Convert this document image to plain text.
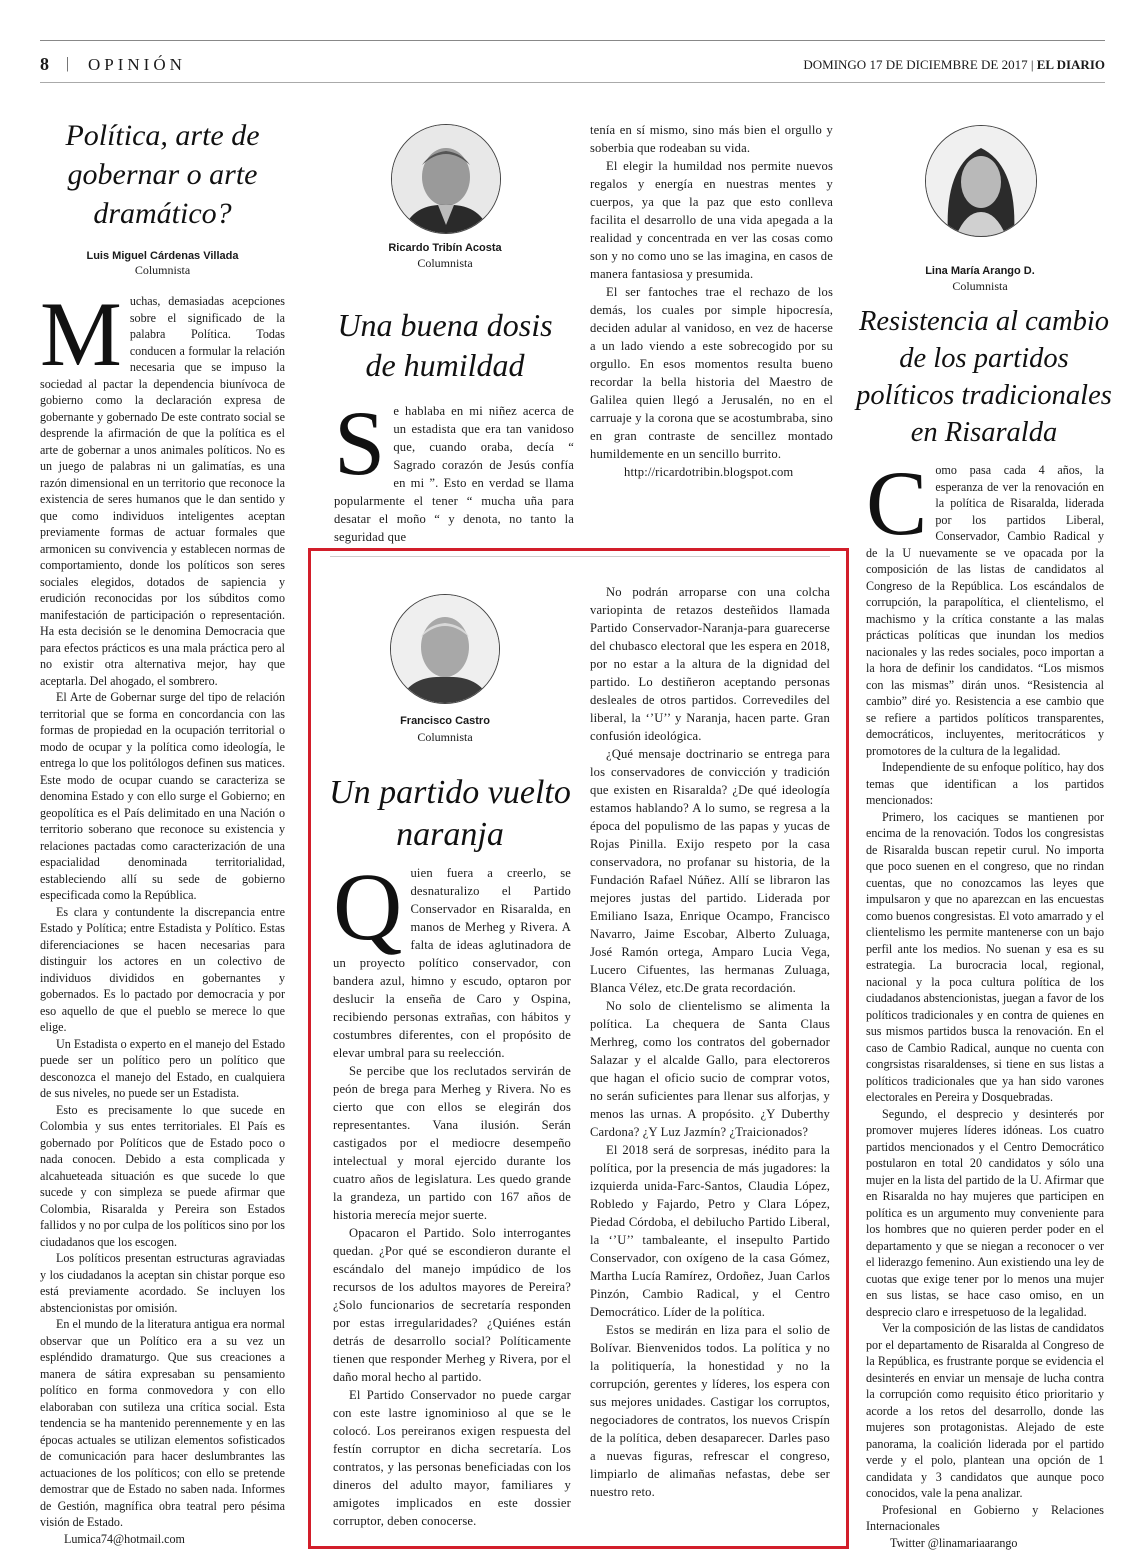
8 | OPINIÓN	DOMINGO 17 DE DICIEMBRE DE 2017 | EL DIARIO
Política, arte de gobernar o arte dramático?
Luis Miguel Cárdenas Villada
Columnista
M uchas, demasiadas acepciones sobre el significado de la palabra Política. Todas conducen a formular la relación necesaria que se impuso la sociedad al pactar la dependencia biunívoca de gobierno como la declaración expresa de gobernante y gobernado De este contrato social se desprende la afirmación de que la política es el arte de gobernar a unos animales políticos. No es un juego de palabras ni un galimatías, es una razón dimensional en un territorio que reconoce la existencia de seres humanos que le dan sentido y que como individuos inteligentes aceptan previamente formas de actuar formales que armonicen su convivencia y establecen normas de comportamiento, donde los políticos son seres sociales elegidos, dotados de sapiencia y erudición reconocidas por los súbditos como manifestación de participación o representación. Ha esta decisión se le denomina Democracia que para efectos prácticos es una mala práctica pero al no existir otra alternativa mejor, hay que aceptarla. Del ahogado, el sombrero.

El Arte de Gobernar surge del tipo de relación territorial que se forma en concordancia con las formas de propiedad en la ocupación territorial o modo de ocupar y la política como ideología, le entrega lo que los politólogos definen sus matices. Este modo de ocupar cuando se caracteriza se denomina Estado y con ello surge el Gobierno; en geopolítica es el País delimitado en una Nación o territorio soberano que reconoce su existencia y relaciones pactadas como caracterización de una espacialidad denominada territorialidad, estableciendo allí su sede de gobierno especificada como la República.

Es clara y contundente la discrepancia entre Estado y Política; entre Estadista y Político. Estas diferenciaciones se hacen necesarias para distinguir los actores en un colectivo de individuos divididos en gobernantes y gobernados. Es lo pactado por democracia y por eso aquello de que el pueblo se merece lo que elige.

Un Estadista o experto en el manejo del Estado puede ser un político pero un político que desconozca el manejo del Estado, en cualquiera de sus niveles, no puede ser un Estadista.

Esto es precisamente lo que sucede en Colombia y sus entes territoriales. El País es gobernado por Políticos que de Estado poco o nada conocen. Debido a esta complicada y alcahueteada situación es que sucede lo que sucede y con simpleza se puede afirmar que Colombia, Risaralda y Pereira son Estados fallidos y no por culpa de los políticos sino por los ciudadanos que los escogen.

Los políticos presentan estructuras agraviadas y los ciudadanos la aceptan sin chistar porque eso está previamente acordado. Se incluyen los abstencionistas por omisión.

En el mundo de la literatura antigua era normal observar que un Político era a su vez un espléndido dramaturgo. Que sus creaciones a manera de sátira expresaban su pensamiento político en forma conmovedora y con ello elaboraban con sutileza una crítica social. Esta tendencia se ha mantenido perennemente y en las épocas actuales se utilizan elementos sofisticados de comunicación para hacer deslumbrantes las actuaciones de los políticos; con ello se pretende demostrar que de Estado no saben nada. Informes de Gestión, magnífica obra teatral pero pésima visión de Estado.

Lumica74@hotmail.com

Ricardo Tribín Acosta
Columnista
Una buena dosis de humildad
S e hablaba en mi niñez acerca de un estadista que era tan vanidoso que, cuando oraba, decía “ Sagrado corazón de Jesús confía en mi ”. Esto en verdad se llama popularmente el tener “ mucha uña para desatar el moño “ y denota, no tanto la seguridad que

tenía en sí mismo, sino más bien el orgullo y soberbia que rodeaban su vida.

El elegir la humildad nos permite nuevos regalos y energía en nuestras mentes y cuerpos, ya que la paz que esto conlleva facilita el desarrollo de una vida apegada a la realidad y concentrada en ver las cosas como son y no como uno se las imagina, en casos de manera fantasiosa y presumida.

El ser fantoches trae el rechazo de los demás, los cuales por simple hipocresía, deciden adular al vanidoso, en vez de hacerse a un lado viendo a este sobrecogido por su orgullo. En esos momentos resulta bueno recordar la bella historia del Maestro de Galilea quien llegó a Jerusalén, no en el carruaje y la corona que se acostumbraba, sino en gran contraste de sencillez montado humildemente en un sencillo burrito.

http://ricardotribin.blogspot.com

Lina María Arango D.
Columnista
Resistencia al cambio de los partidos políticos tradicionales en Risaralda
C omo pasa cada 4 años, la esperanza de ver la renovación en la política de Risaralda, liderada por los partidos Liberal, Conservador, Cambio Radical y de la U nuevamente se ve opacada por la composición de las listas de candidatos al Congreso de la República. Los escándalos de corrupción, la parapolítica, el clientelismo, el machismo y la crítica constante a las malas prácticas políticas que inundan los medios nacionales y las redes sociales, poco importan a la hora de definir los candidatos. “Los mismos con las mismas” dirán unos. “Resistencia al cambio” diré yo. Resistencia a ese cambio que se refiere a partidos políticos transparentes, democráticos, incluyentes, meritocráticos y promotores de la cultura de la legalidad.

Independiente de su enfoque político, hay dos temas que identifican a los partidos mencionados:

Primero, los caciques se mantienen por encima de la renovación. Todos los congresistas de Risaralda buscan repetir curul. No importa que poco suenen en el congreso, que no rindan cuentas, que no conozcamos las leyes que impulsaron y que no aparezcan en las encuestas como buenos congresistas. El voto amarrado y el clientelismo les permite mantenerse con un bajo perfil ante los medios. No suenan y esa es su estrategia. La burocracia local, regional, nacional y la poca cultura política de los ciudadanos abstencionistas, juegan a favor de los políticos tradicionales y en contra de quienes en sus mismos partidos busca la renovación. En el caso de Cambio Radical, aunque no cuenta con congrsistas risaraldenses, si tiene en sus listas a políticos tradicionales que ya han sido varones electorales en Pereira y Dosquebradas.

Segundo, el desprecio y desinterés por promover mujeres líderes idóneas. Los cuatro partidos mencionados y el Centro Democrático postularon en total 20 candidatos y sólo una mujer en la lista del partido de la U. Afirmar que en Risaralda no hay mujeres que participen en política es un argumento muy conveniente para los hombres que no quieren perder poder en el departamento y que se niegan a reconocer o ver el liderazgo femenino. Aun existiendo una ley de cuotas que exige tener por lo menos una mujer en sus listas, se hace caso omiso, en un desprecio claro e irrespetuoso de la legalidad.

Ver la composición de las listas de candidatos por el departamento de Risaralda al Congreso de la República, es frustrante porque se evidencia el desinterés en enviar un mensaje de lucha contra la corrupción como requisito ético prioritario y acorde a los retos del desarrollo, donde las mujeres son protagonistas. Alejado de este panorama, la coalición liderada por el partido verde y el polo, plantean una opción de 1 candidata y 3 candidatos que aunque poco conocidos, vale la pena analizar.

Profesional en Gobierno y Relaciones Internacionales

Twitter @linamariaarango

Francisco Castro
Columnista
Un partido vuelto naranja
Q uien fuera a creerlo, se desnaturalizo el Partido Conservador en Risaralda, en manos de Merheg y Rivera. A falta de ideas aglutinadora de un proyecto político conservador, con bandera azul, himno y escudo, optaron por deslucir la enseña de Caro y Ospina, recibiendo personas extrañas, con hábitos y costumbres diferentes, con el propósito de elevar umbral para su reelección.

Se percibe que los reclutados servirán de peón de brega para Merheg y Rivera. No es cierto que con ellos se elegirán dos representantes. Vana ilusión. Serán castigados por el mediocre desempeño intelectual y moral ejercido durante los cuatro años de legislatura. Les quedo grande la grandeza, un partido con 167 años de historia merecía mejor suerte.

Opacaron el Partido. Solo interrogantes quedan. ¿Por qué se escondieron durante el escándalo del manejo impúdico de los recursos de los adultos mayores de Pereira? ¿Solo funcionarios de secretaría responden por estas irregularidades? ¿Quiénes están detrás de desarrollo social? Políticamente tienen que responder Merheg y Rivera, por el daño moral hecho al partido.

El Partido Conservador no puede cargar con este lastre ignominioso al que se le colocó. Los pereiranos exigen respuesta del festín corruptor en dicha secretaría. Los contratos, y las personas beneficiadas con los dineros del adulto mayor, familiares y amigotes implicados en este dossier corruptor, deben conocerse.

No podrán arroparse con una colcha variopinta de retazos desteñidos llamada Partido Conservador-Naranja-para guarecerse del chubasco electoral que les espera en 2018, por no estar a la altura de la dignidad del partido. Lo destiñeron aceptando personas desleales de otros partidos. Correvediles del liberal, la ‘’U’’ y Naranja, hacen parte. Gran confusión ideológica.

¿Qué mensaje doctrinario se entrega para los conservadores de convicción y tradición que existen en Risaralda? ¿De qué ideología estamos hablando? A lo sumo, se regresa a la época del populismo de las papas y yucas de Rojas Pinilla. Exijo respeto por la casa conservadora, no profanar su historia, de la Fundación Rafael Núñez. Allí se libraron las mejores justas del partido. Liderada por Emiliano Isaza, Enrique Ocampo, Francisco Navarro, Jaime Escobar, Alberto Zuluaga, José Ramón ortega, Amparo Lucia Vega, Lucero Cifuentes, las hermanas Zuluaga, Blanca Vélez, etc.De grata recordación.

No solo de clientelismo se alimenta la política. La chequera de Santa Claus Merhreg, como los contratos del gobernador Salazar y el alcalde Gallo, para electoreros que hagan el oficio sucio de comprar votos, no serán suficientes para llenar sus alforjas, y menos las urnas. A propósito. ¿Y Duberthy Cardona? ¿Y Luz Jazmín? ¿Traicionados?

El 2018 será de sorpresas, inédito para la política, por la presencia de más jugadores: la izquierda unida-Farc-Santos, Claudia López, Robledo y Fajardo, Petro y Clara López, Piedad Córdoba, el debilucho Partido Liberal, la ‘’U’’ tambaleante, el insepulto Partido Conservador, con oxígeno de la casa Gómez, Martha Lucía Ramírez, Ordoñez, Juan Carlos Pinzón, Cambio Radical, y el Centro Democrático. Líder de la política.

Estos se medirán en liza para el solio de Bolívar. Bienvenidos todos. La política y no la politiquería, la honestidad y no la corrupción, gerentes y líderes, los espera con sus mejores unidades. Castigar los corruptos, negociadores de contratos, los nuevos Crispín de la política, deben desaparecer. Darles paso a nuevas figuras, refrescar el congreso, limpiarlo de alimañas nefastas, debe ser nuestro reto.
